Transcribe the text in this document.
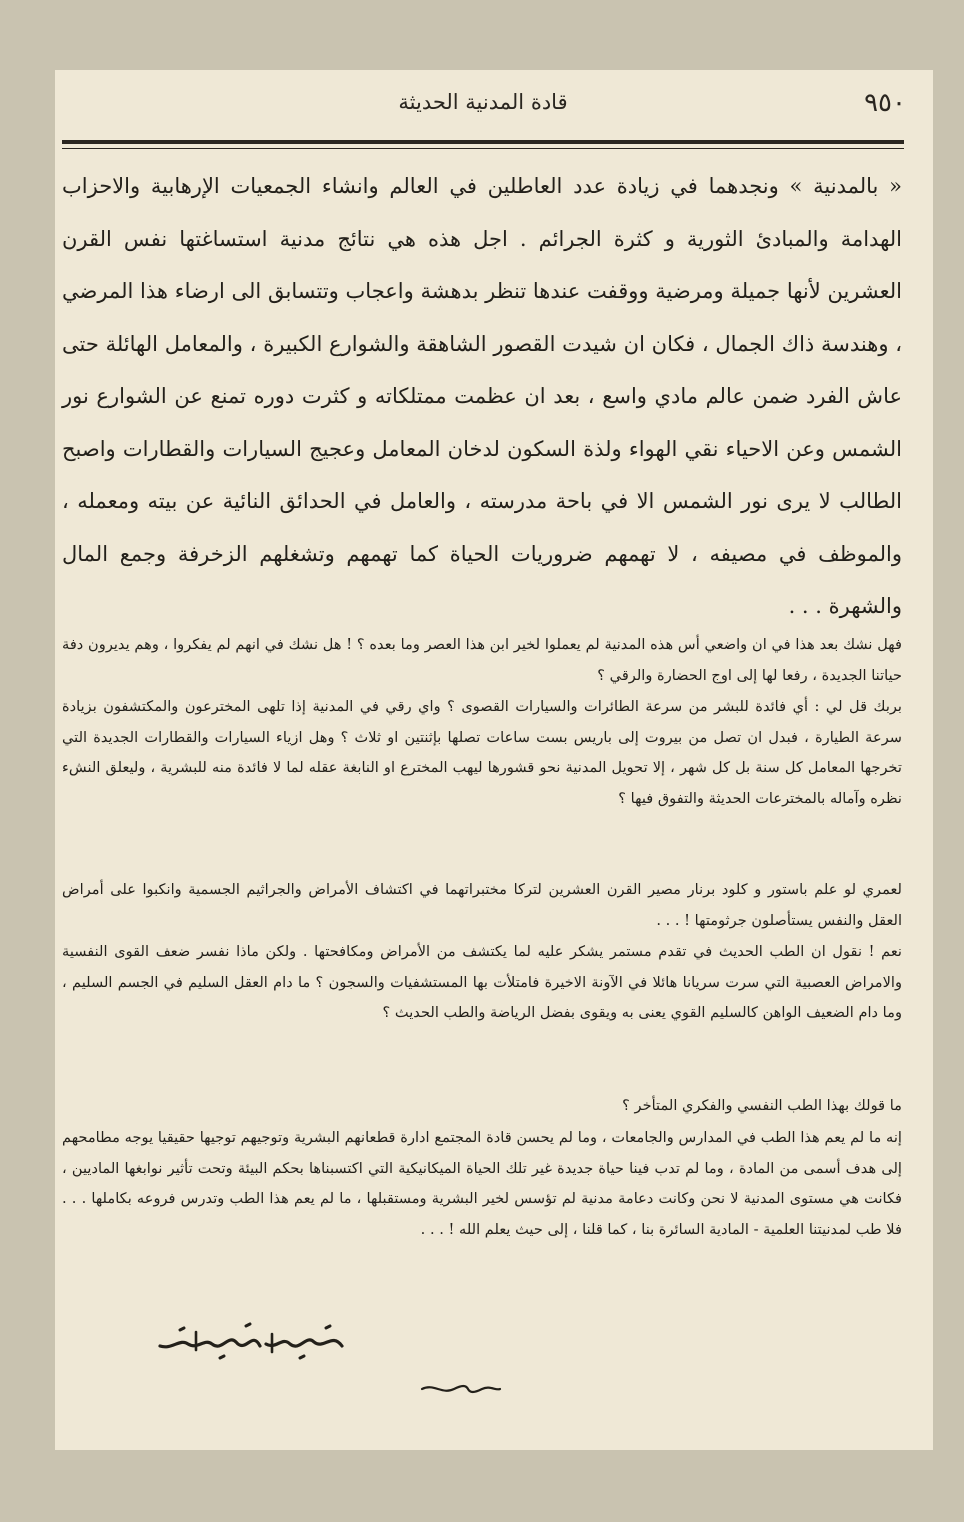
٩٥٠
قادة المدنية الحديثة

« بالمدنية » ونجدهما في زيادة عدد العاطلين في العالم وانشاء الجمعيات الإرهابية والاحزاب الهدامة والمبادئ الثورية و كثرة الجرائم . اجل هذه هي نتائج مدنية استساغتها نفس القرن العشرين لأنها جميلة ومرضية ووقفت عندها تنظر بدهشة واعجاب وتتسابق الى ارضاء هذا المرضي ، وهندسة ذاك الجمال ، فكان ان شيدت القصور الشاهقة والشوارع الكبيرة ، والمعامل الهائلة حتى عاش الفرد ضمن عالم مادي واسع ، بعد ان عظمت ممتلكاته و كثرت دوره تمنع عن الشوارع نور الشمس وعن الاحياء نقي الهواء ولذة السكون لدخان المعامل وعجيج السيارات والقطارات واصبح الطالب لا يرى نور الشمس الا في باحة مدرسته ، والعامل في الحدائق النائية عن بيته ومعمله ، والموظف في مصيفه ، لا تهمهم ضروريات الحياة كما تهمهم وتشغلهم الزخرفة وجمع المال والشهرة . . .

فهل نشك بعد هذا في ان واضعي أس هذه المدنية لم يعملوا لخير ابن هذا العصر وما بعده ؟ ! هل نشك في انهم لم يفكروا ، وهم يديرون دفة حياتنا الجديدة ، رفعا لها إلى اوج الحضارة والرقي ؟

بربك قل لي : أي فائدة للبشر من سرعة الطائرات والسيارات القصوى ؟ واي رقي في المدنية إذا تلهى المخترعون والمكتشفون بزيادة سرعة الطيارة ، فبدل ان تصل من بيروت إلى باريس بست ساعات تصلها بإثنتين او ثلاث ؟ وهل ازياء السيارات والقطارات الجديدة التي تخرجها المعامل كل سنة بل كل شهر ، إلا تحويل المدنية نحو قشورها ليهب المخترع او النابغة عقله لما لا فائدة منه للبشرية ، وليعلق النشء نظره وآماله بالمخترعات الحديثة والتفوق فيها ؟

لعمري لو علم باستور و كلود برنار مصير القرن العشرين لتركا مختبراتهما في اكتشاف الأمراض والجراثيم الجسمية وانكبوا على أمراض العقل والنفس يستأصلون جرثومتها ! . . .

نعم ! نقول ان الطب الحديث في تقدم مستمر يشكر عليه لما يكتشف من الأمراض ومكافحتها . ولكن ماذا نفسر ضعف القوى النفسية والامراض العصبية التي سرت سريانا هائلا في الآونة الاخيرة فامتلأت بها المستشفيات والسجون ؟ ما دام العقل السليم في الجسم السليم ، وما دام الضعيف الواهن كالسليم القوي يعنى به ويقوى بفضل الرياضة والطب الحديث ؟

ما قولك بهذا الطب النفسي والفكري المتأخر ؟

إنه ما لم يعم هذا الطب في المدارس والجامعات ، وما لم يحسن قادة المجتمع ادارة قطعانهم البشرية وتوجيهم توجيها حقيقيا يوجه مطامحهم إلى هدف أسمى من المادة ، وما لم تدب فينا حياة جديدة غير تلك الحياة الميكانيكية التي اكتسبناها بحكم البيئة وتحت تأثير نوابغها الماديين ، فكانت هي مستوى المدنية لا نحن وكانت دعامة مدنية لم تؤسس لخير البشرية ومستقبلها ، ما لم يعم هذا الطب وتدرس فروعه بكاملها . . . فلا طب لمدنيتنا العلمية - المادية السائرة بنا ، كما قلنا ، إلى حيث يعلم الله ! . . .
